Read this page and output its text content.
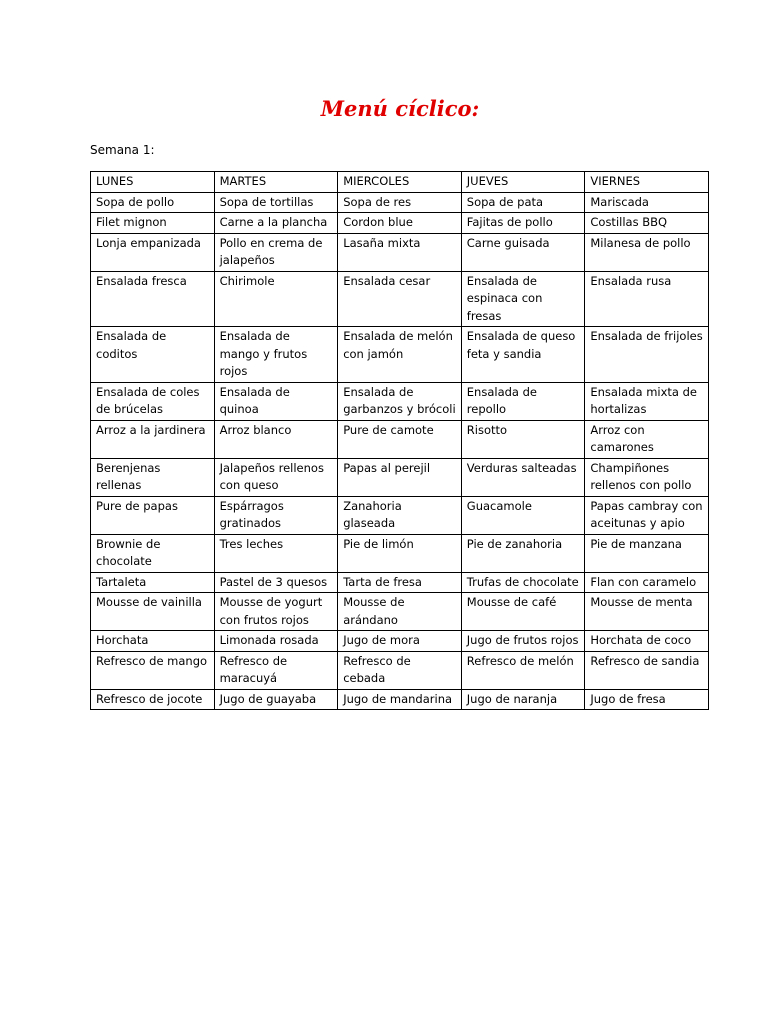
Menú cíclico:
Semana 1:
LUNES	MARTES	MIERCOLES	JUEVES	VIERNES
Sopa de pollo	Sopa de tortillas	Sopa de res	Sopa de pata	Mariscada
Filet mignon	Carne a la plancha	Cordon blue	Fajitas de pollo	Costillas BBQ
Lonja empanizada	Pollo en crema de jalapeños	Lasaña mixta	Carne guisada	Milanesa de pollo
Ensalada fresca	Chirimole	Ensalada cesar	Ensalada de espinaca con fresas	Ensalada rusa
Ensalada de coditos	Ensalada de mango y frutos rojos	Ensalada de melón con jamón	Ensalada de queso feta y sandia	Ensalada de frijoles
Ensalada de coles de brúcelas	Ensalada de quinoa	Ensalada de garbanzos y brócoli	Ensalada de repollo	Ensalada mixta de hortalizas
Arroz a la jardinera	Arroz blanco	Pure de camote	Risotto	Arroz con camarones
Berenjenas rellenas	Jalapeños rellenos con queso	Papas al perejil	Verduras salteadas	Champiñones rellenos con pollo
Pure de papas	Espárragos gratinados	Zanahoria glaseada	Guacamole	Papas cambray con aceitunas y apio
Brownie de chocolate	Tres leches	Pie de limón	Pie de zanahoria	Pie de manzana
Tartaleta	Pastel de 3 quesos	Tarta de fresa	Trufas de chocolate	Flan con caramelo
Mousse de vainilla	Mousse de yogurt con frutos rojos	Mousse de arándano	Mousse de café	Mousse de menta
Horchata	Limonada rosada	Jugo de mora	Jugo de frutos rojos	Horchata de coco
Refresco de mango	Refresco de maracuyá	Refresco de cebada	Refresco de melón	Refresco de sandia
Refresco de jocote	Jugo de guayaba	Jugo de mandarina	Jugo de naranja	Jugo de fresa
